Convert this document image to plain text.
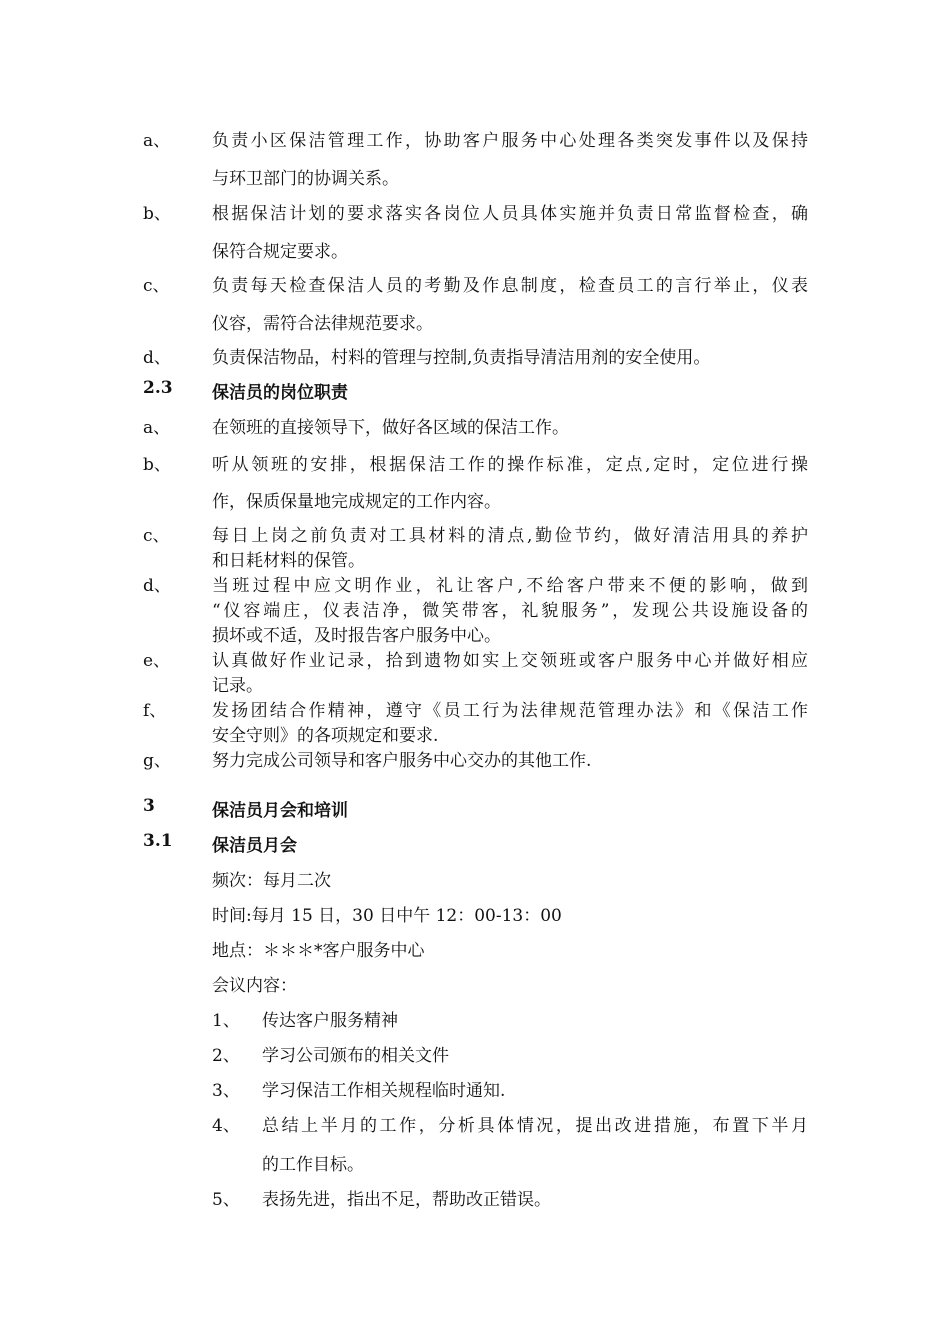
a、 负责小区保洁管理工作，协助客户服务中心处理各类突发事件以及保持
与环卫部门的协调关系。
b、 根据保洁计划的要求落实各岗位人员具体实施并负责日常监督检查，确
保符合规定要求。
c、 负责每天检查保洁人员的考勤及作息制度，检查员工的言行举止，仪表
仪容，需符合法律规范要求。
d、 负责保洁物品，村料的管理与控制,负责指导清洁用剂的安全使用。
2.3 保洁员的岗位职责
a、 在领班的直接领导下，做好各区域的保洁工作。
b、 听从领班的安排，根据保洁工作的操作标准，定点,定时，定位进行操
作，保质保量地完成规定的工作内容。
c、 每日上岗之前负责对工具材料的清点,勤俭节约，做好清洁用具的养护
和日耗材料的保管。
d、 当班过程中应文明作业，礼让客户,不给客户带来不便的影响，做到
“仪容端庄，仪表洁净，微笑带客，礼貌服务”，发现公共设施设备的
损坏或不适，及时报告客户服务中心。
e、 认真做好作业记录，拾到遗物如实上交领班或客户服务中心并做好相应
记录。
f、	发扬团结合作精神，遵守《员工行为法律规范管理办法》和《保洁工作
安全守则》的各项规定和要求.
g、 努力完成公司领导和客户服务中心交办的其他工作.
3	保洁员月会和培训
3.1 保洁员月会
频次：每月二次
时间:每月 15 日，30 日中午 12：00-13：00
地点：＊＊＊*客户服务中心
会议内容：
1、 传达客户服务精神
2、 学习公司颁布的相关文件
3、 学习保洁工作相关规程临时通知.
4、 总结上半月的工作，分析具体情况，提出改进措施，布置下半月
的工作目标。
5、 表扬先进，指出不足，帮助改正错误。
